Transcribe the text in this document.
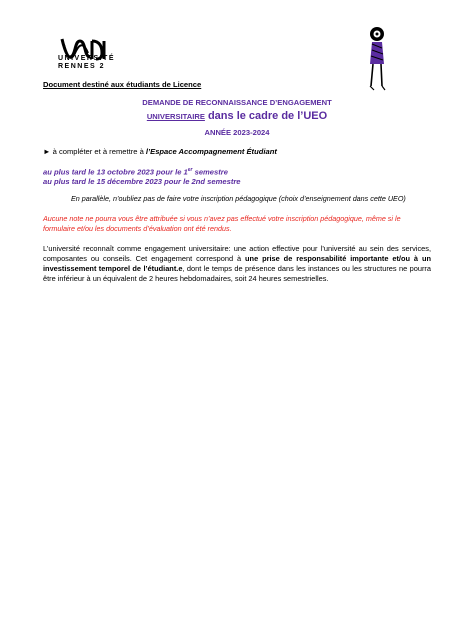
UNIVERSITÉ
RENNES 2
Document destiné aux étudiants de Licence
DEMANDE DE RECONNAISSANCE D’ENGAGEMENT
UNIVERSITAIRE dans le cadre de l’UEO
ANNÉE 2023-2024
► à compléter et à remettre à l’Espace Accompagnement Étudiant
au plus tard le 13 octobre 2023 pour le 1er semestre
au plus tard le 15 décembre 2023 pour le 2nd semestre
En parallèle, n’oubliez pas de faire votre inscription pédagogique (choix d’enseignement dans cette UEO)
Aucune note ne pourra vous être attribuée si vous n’avez pas effectué votre inscription pédagogique, même si le formulaire et/ou les documents d’évaluation ont été rendus.
L’université reconnaît comme engagement universitaire: une action effective pour l’université au sein des services, composantes ou conseils. Cet engagement correspond à une prise de responsabilité importante et/ou à un investissement temporel de l’étudiant.e, dont le temps de présence dans les instances ou les structures ne pourra être inférieur à un équivalent de 2 heures hebdomadaires, soit 24 heures semestrielles.
